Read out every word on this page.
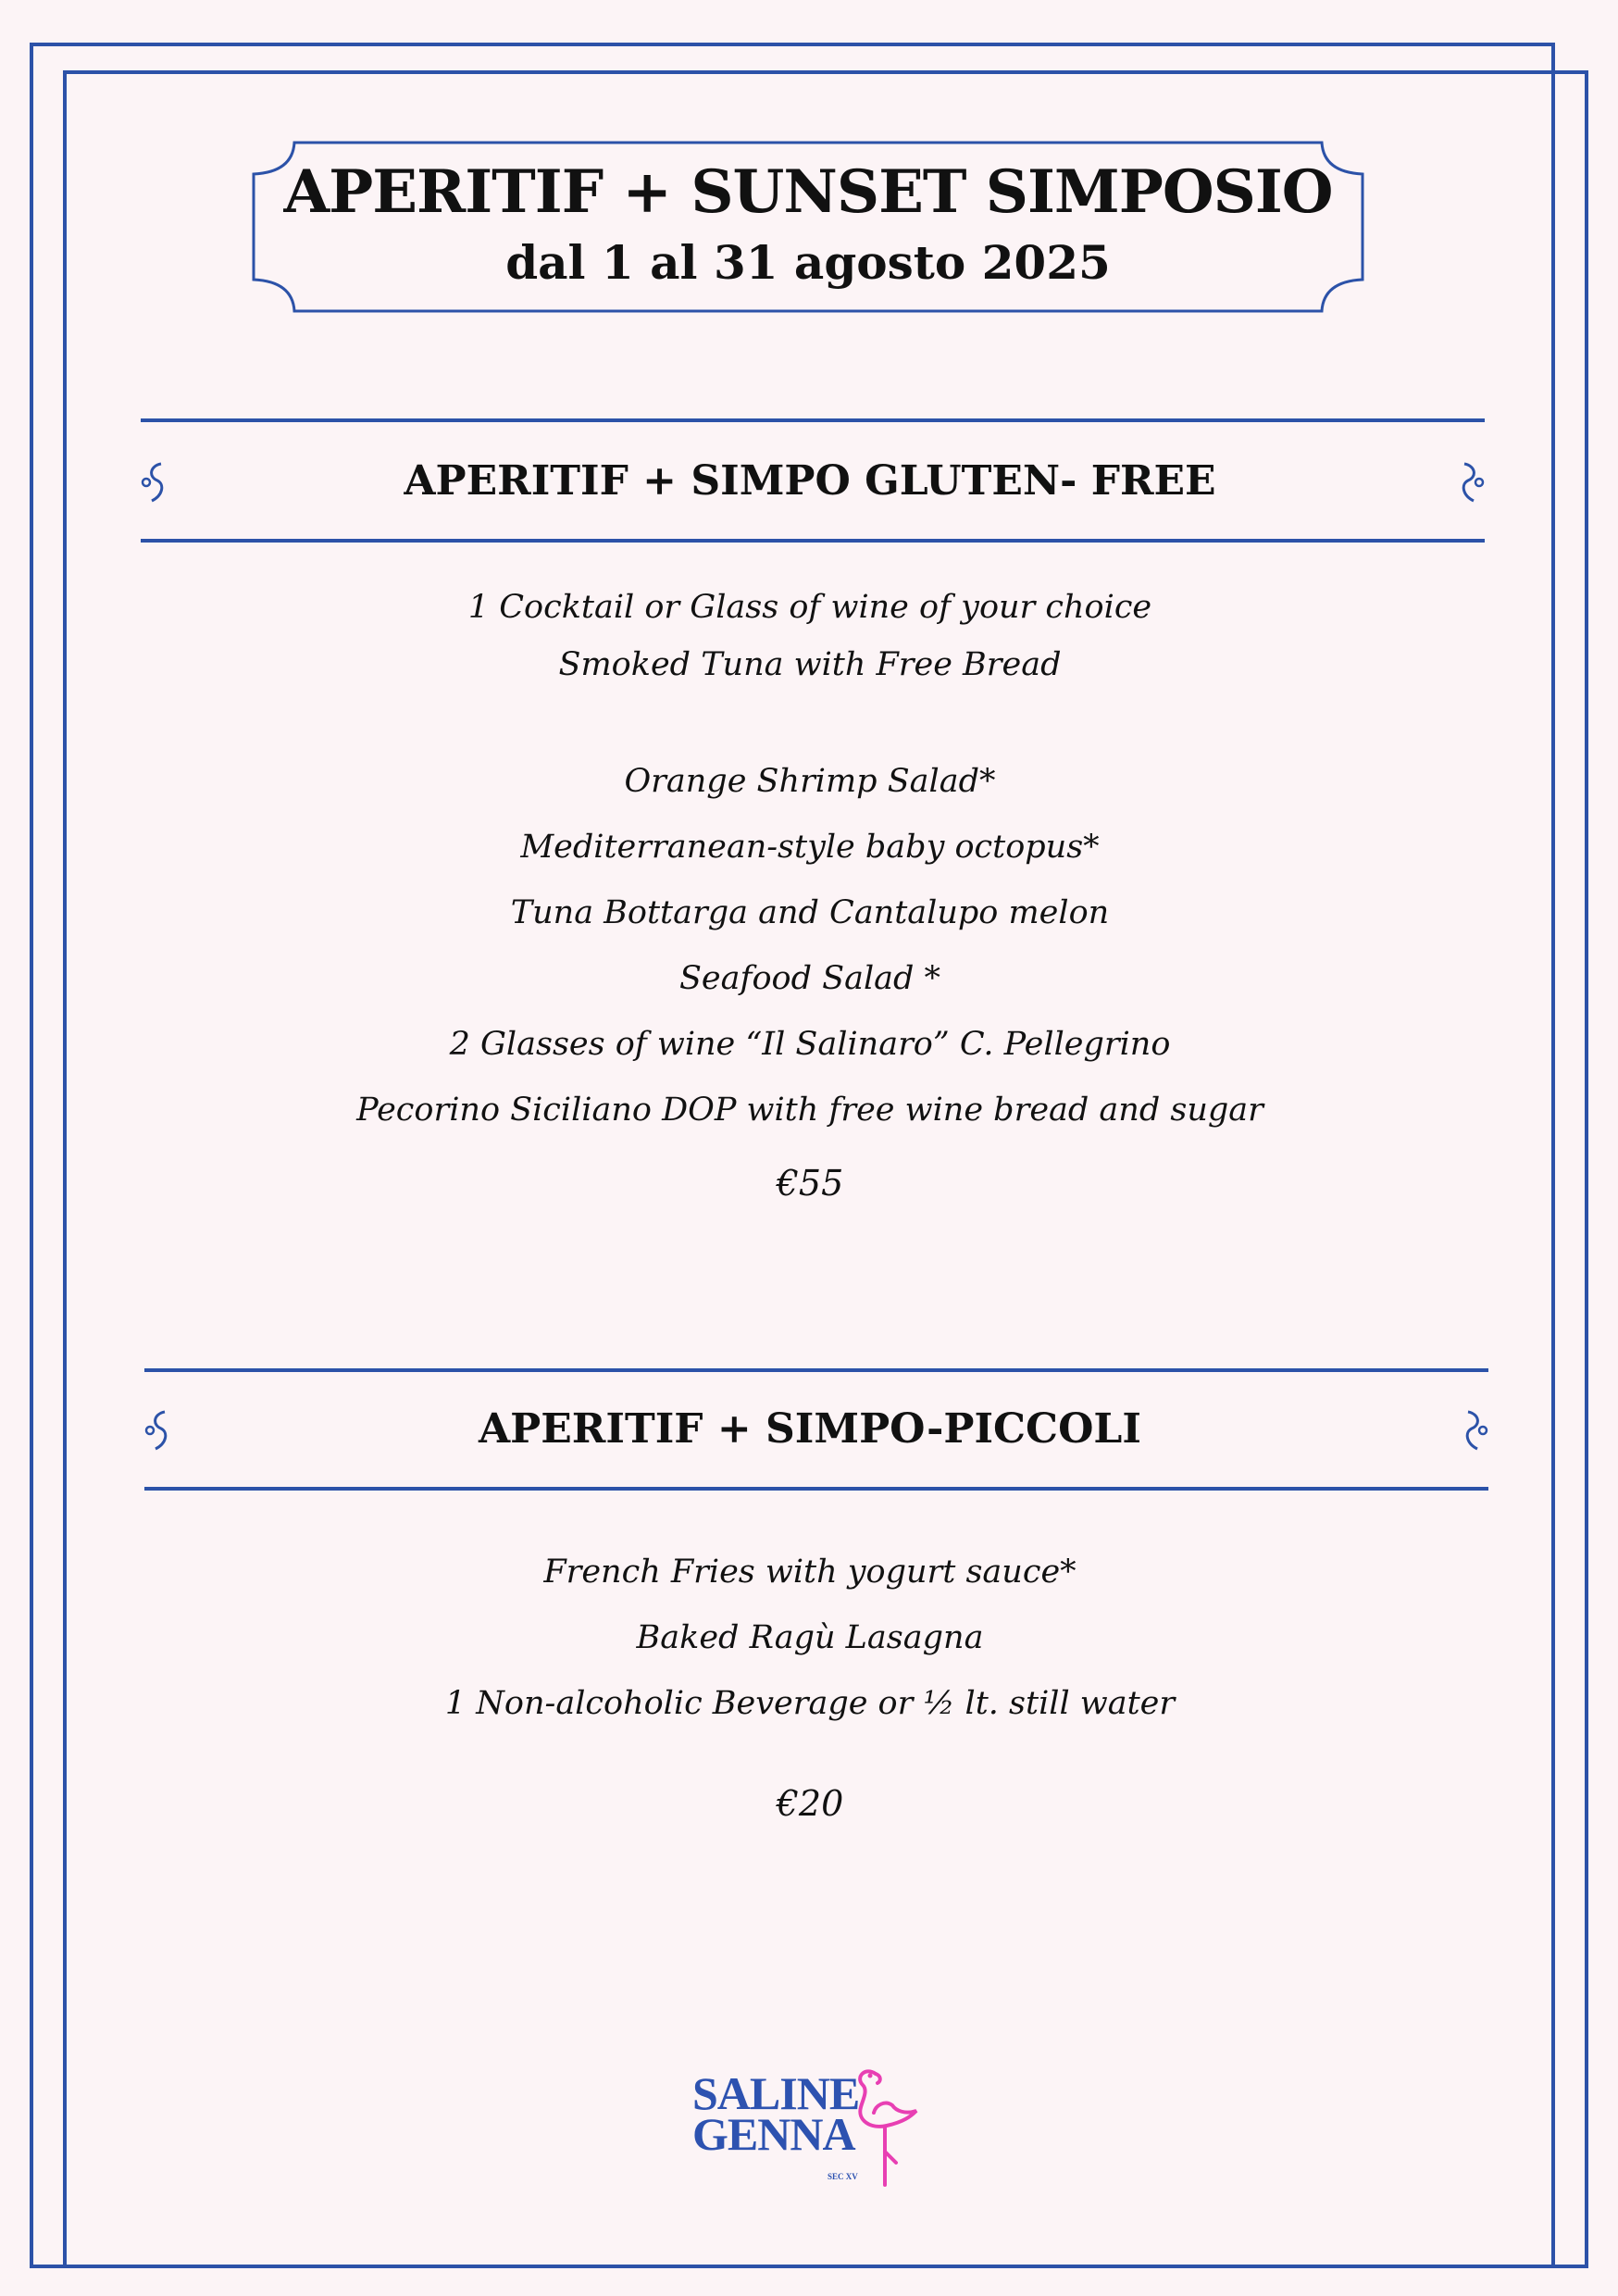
APERITIF + SUNSET SIMPOSIO
dal 1 al 31 agosto 2025
APERITIF + SIMPO GLUTEN- FREE
1 Cocktail or Glass of wine of your choice
Smoked Tuna with Free Bread
Orange Shrimp Salad*
Mediterranean-style baby octopus*
Tuna Bottarga and Cantalupo melon
Seafood Salad *
2 Glasses of wine “Il Salinaro” C. Pellegrino
Pecorino Siciliano DOP with free wine bread and sugar
€55
APERITIF + SIMPO-PICCOLI
French Fries with yogurt sauce*
Baked Ragù Lasagna
1 Non-alcoholic Beverage or ½ lt. still water
€20
SALINE
GENNA
SEC XV
